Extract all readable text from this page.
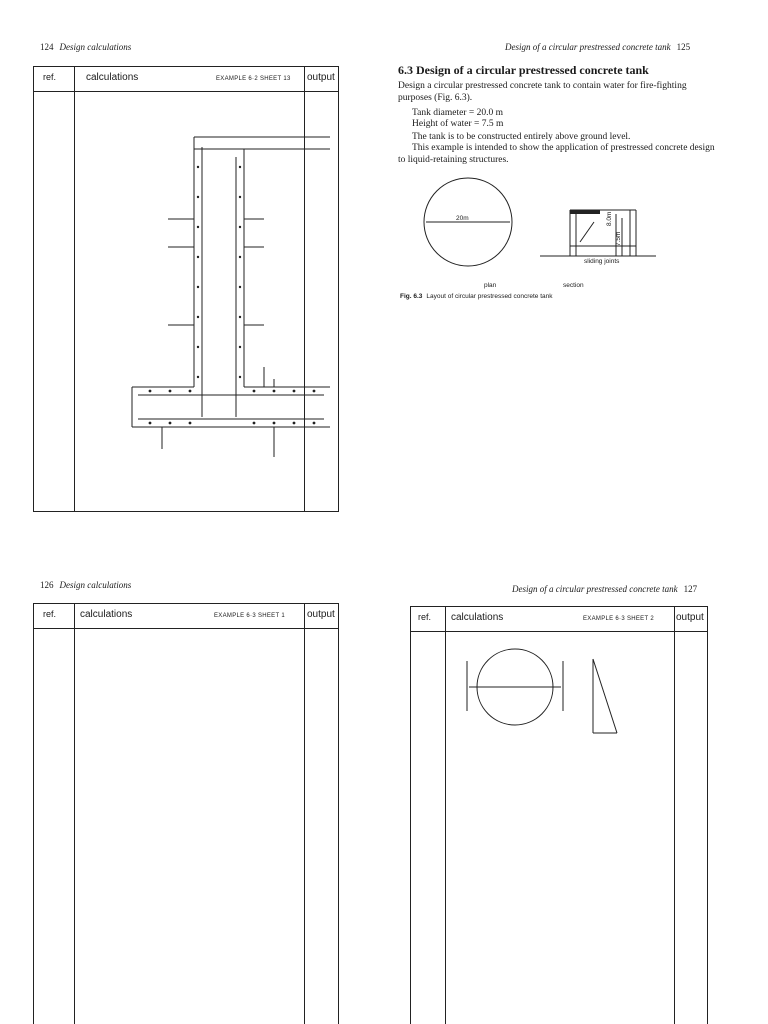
124 Design calculations
ref.	calculations	EXAMPLE 6·2 SHEET 13 output
Design of a circular prestressed concrete tank 125
6.3 Design of a circular prestressed concrete tank
Design a circular prestressed concrete tank to contain water for fire-fighting purposes (Fig. 6.3).
Tank diameter = 20.0 m
Height of water = 7.5 m
The tank is to be constructed entirely above ground level.
This example is intended to show the application of prestressed concrete design to liquid-retaining structures.
20m	8.0m
7.5m
sliding joints
plan	section
Fig. 6.3 Layout of circular prestressed concrete tank
126 Design calculations
ref. calculations	EXAMPLE 6·3 SHEET 1 output
Design of a circular prestressed concrete tank 127
ref. calculations	EXAMPLE 6·3 SHEET 2 output
